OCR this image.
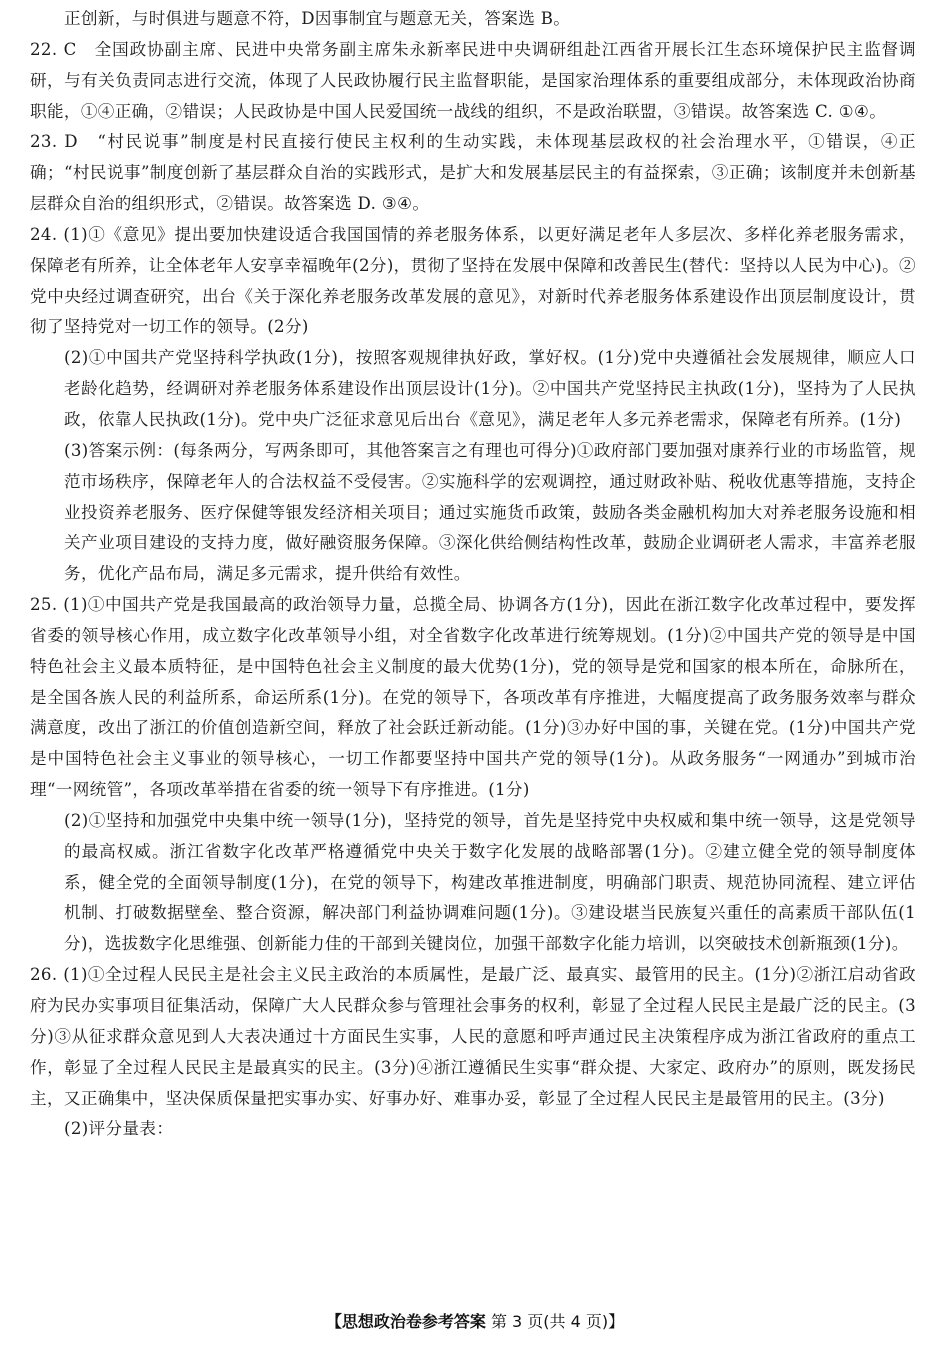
正创新，与时俱进与题意不符，D因事制宜与题意无关，答案选 B。

22. C　全国政协副主席、民进中央常务副主席朱永新率民进中央调研组赴江西省开展长江生态环境保护民主监督调研，与有关负责同志进行交流，体现了人民政协履行民主监督职能，是国家治理体系的重要组成部分，未体现政治协商职能，①④正确，②错误；人民政协是中国人民爱国统一战线的组织，不是政治联盟，③错误。故答案选 C. ①④。

23. D　“村民说事”制度是村民直接行使民主权利的生动实践，未体现基层政权的社会治理水平，①错误，④正确；“村民说事”制度创新了基层群众自治的实践形式，是扩大和发展基层民主的有益探索，③正确；该制度并未创新基层群众自治的组织形式，②错误。故答案选 D. ③④。

24. (1)①《意见》提出要加快建设适合我国国情的养老服务体系，以更好满足老年人多层次、多样化养老服务需求，保障老有所养，让全体老年人安享幸福晚年(2分)，贯彻了坚持在发展中保障和改善民生(替代：坚持以人民为中心)。②党中央经过调查研究，出台《关于深化养老服务改革发展的意见》，对新时代养老服务体系建设作出顶层制度设计，贯彻了坚持党对一切工作的领导。(2分)

(2)①中国共产党坚持科学执政(1分)，按照客观规律执好政，掌好权。(1分)党中央遵循社会发展规律，顺应人口老龄化趋势，经调研对养老服务体系建设作出顶层设计(1分)。②中国共产党坚持民主执政(1分)，坚持为了人民执政，依靠人民执政(1分)。党中央广泛征求意见后出台《意见》，满足老年人多元养老需求，保障老有所养。(1分)

(3)答案示例：(每条两分，写两条即可，其他答案言之有理也可得分)①政府部门要加强对康养行业的市场监管，规范市场秩序，保障老年人的合法权益不受侵害。②实施科学的宏观调控，通过财政补贴、税收优惠等措施，支持企业投资养老服务、医疗保健等银发经济相关项目；通过实施货币政策，鼓励各类金融机构加大对养老服务设施和相关产业项目建设的支持力度，做好融资服务保障。③深化供给侧结构性改革，鼓励企业调研老人需求，丰富养老服务，优化产品布局，满足多元需求，提升供给有效性。

25. (1)①中国共产党是我国最高的政治领导力量，总揽全局、协调各方(1分)，因此在浙江数字化改革过程中，要发挥省委的领导核心作用，成立数字化改革领导小组，对全省数字化改革进行统筹规划。(1分)②中国共产党的领导是中国特色社会主义最本质特征，是中国特色社会主义制度的最大优势(1分)，党的领导是党和国家的根本所在，命脉所在，是全国各族人民的利益所系，命运所系(1分)。在党的领导下，各项改革有序推进，大幅度提高了政务服务效率与群众满意度，改出了浙江的价值创造新空间，释放了社会跃迁新动能。(1分)③办好中国的事，关键在党。(1分)中国共产党是中国特色社会主义事业的领导核心，一切工作都要坚持中国共产党的领导(1分)。从政务服务“一网通办”到城市治理“一网统管”，各项改革举措在省委的统一领导下有序推进。(1分)

(2)①坚持和加强党中央集中统一领导(1分)，坚持党的领导，首先是坚持党中央权威和集中统一领导，这是党领导的最高权威。浙江省数字化改革严格遵循党中央关于数字化发展的战略部署(1分)。②建立健全党的领导制度体系，健全党的全面领导制度(1分)，在党的领导下，构建改革推进制度，明确部门职责、规范协同流程、建立评估机制、打破数据壁垒、整合资源，解决部门利益协调难问题(1分)。③建设堪当民族复兴重任的高素质干部队伍(1分)，选拔数字化思维强、创新能力佳的干部到关键岗位，加强干部数字化能力培训，以突破技术创新瓶颈(1分)。

26. (1)①全过程人民民主是社会主义民主政治的本质属性，是最广泛、最真实、最管用的民主。(1分)②浙江启动省政府为民办实事项目征集活动，保障广大人民群众参与管理社会事务的权利，彰显了全过程人民民主是最广泛的民主。(3分)③从征求群众意见到人大表决通过十方面民生实事，人民的意愿和呼声通过民主决策程序成为浙江省政府的重点工作，彰显了全过程人民民主是最真实的民主。(3分)④浙江遵循民生实事“群众提、大家定、政府办”的原则，既发扬民主，又正确集中，坚决保质保量把实事办实、好事办好、难事办妥，彰显了全过程人民民主是最管用的民主。(3分)

(2)评分量表：

【思想政治卷参考答案 第 3 页(共 4 页)】
